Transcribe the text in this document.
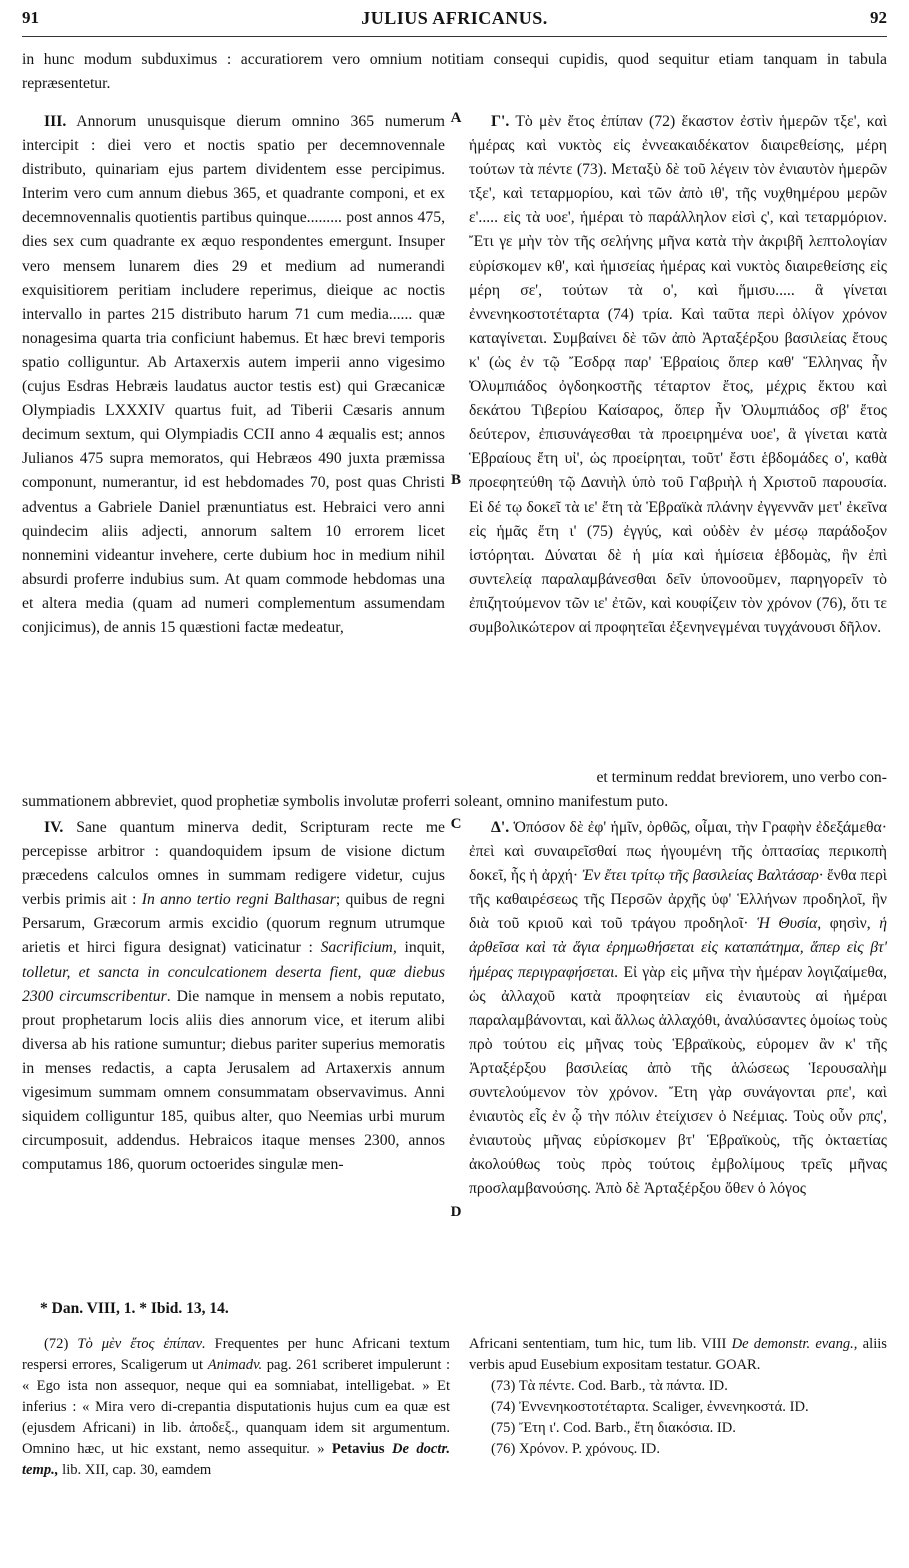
91	JULIUS AFRICANUS.	92

in hunc modum subduximus : accuratiorem vero omnium notitiam consequi cupidis, quod sequitur etiam tanquam in tabula repræsentetur.

III. Annorum unusquisque dierum omnino 365 numerum intercipit : diei vero et noctis spatio per decemnovennale distributo, quinariam ejus partem dividentem esse percipimus. Interim vero cum annum diebus 365, et quadrante componi, et ex decemnovennalis quotientis partibus quinque......... post annos 475, dies sex cum quadrante ex æquo respondentes emergunt. Insuper vero mensem lunarem dies 29 et medium ad numerandi exquisitiorem peritiam includere reperimus, dieique ac noctis intervallo in partes 215 distributo harum 71 cum media...... quæ nonagesima quarta tria conficiunt habemus. Et hæc brevi temporis spatio colliguntur. Ab Artaxerxis autem imperii anno vigesimo (cujus Esdras Hebræis laudatus auctor testis est) qui Græcanicæ Olympiadis LXXXIV quartus fuit, ad Tiberii Cæsaris annum decimum sextum, qui Olympiadis CCII anno 4 æqualis est; annos Julianos 475 supra memoratos, qui Hebræos 490 juxta præmissa componunt, numerantur, id est hebdomades 70, post quas Christi adventus a Gabriele Daniel prænuntiatus est. Hebraici vero anni quindecim aliis adjecti, annorum saltem 10 errorem licet nonnemini videantur invehere, certe dubium hoc in medium nihil absurdi proferre indubius sum. At quam commode hebdomas una et altera media (quam ad numeri complementum assumendam conjicimus), de annis 15 quæstioni factæ medeatur,

Γ'. Τὸ μὲν ἔτος ἐπίπαν (72) ἕκαστον ἐστὶν ἡμερῶν τξε', καὶ ἡμέρας καὶ νυκτὸς εἰς ἐννεακαιδέκατον διαιρεθείσης, μέρη τούτων τὰ πέντε (73). Μεταξὺ δὲ τοῦ λέγειν τὸν ἐνιαυτὸν ἡμερῶν τξε', καὶ τεταρμορίου, καὶ τῶν ἀπὸ ιθ', τῆς νυχθημέρου μερῶν ε'..... εἰς τὰ υοε', ἡμέραι τὸ παράλληλον εἰσὶ ς', καὶ τεταρμόριον. Ἔτι γε μὴν τὸν τῆς σελήνης μῆνα κατὰ τὴν ἀκριβῆ λεπτολογίαν εὑρίσκομεν κθ', καὶ ἡμισείας ἡμέρας καὶ νυκτὸς διαιρεθείσης εἰς μέρη σε', τούτων τὰ ο', καὶ ἥμισυ..... ἃ γίνεται ἐννενηκοστοτέταρτα (74) τρία. Καὶ ταῦτα περὶ ὀλίγον χρόνον καταγίνεται. Συμβαίνει δὲ τῶν ἀπὸ Ἀρταξέρξου βασιλείας ἔτους κ' (ὡς ἐν τῷ Ἔσδρᾳ παρ' Ἑβραίοις ὅπερ καθ' Ἕλληνας ἦν Ὀλυμπιάδος ὀγδοηκοστῆς τέταρτον ἔτος, μέχρις ἕκτου καὶ δεκάτου Τιβερίου Καίσαρος, ὅπερ ἦν Ὀλυμπιάδος σβ' ἔτος δεύτερον, ἐπισυνάγεσθαι τὰ προειρημένα υοε', ἃ γίνεται κατὰ Ἑβραίους ἔτη υἰ', ὡς προείρηται, τοῦτ' ἔστι ἑβδομάδες ο', καθὰ προεφητεύθη τῷ Δανιὴλ ὑπὸ τοῦ Γαβριὴλ ἡ Χριστοῦ παρουσία. Εἰ δέ τῳ δοκεῖ τὰ ιε' ἔτη τὰ Ἑβραϊκὰ πλάνην ἐγγεννᾶν μετ' ἐκεῖνα εἰς ἡμᾶς ἔτη ι' (75) ἐγγύς, καὶ οὐδὲν ἐν μέσῳ παράδοξον ἱστόρηται. Δύναται δὲ ἡ μία καὶ ἡμίσεια ἑβδομὰς, ἣν ἐπὶ συντελείᾳ παραλαμβάνεσθαι δεῖν ὑπονοοῦμεν, παρηγορεῖν τὸ ἐπιζητούμενον τῶν ιε' ἐτῶν, καὶ κουφίζειν τὸν χρόνον (76), ὅτι τε συμβολικώτερον αἱ προφητεῖαι ἐξενηνεγμέναι τυγχάνουσι δῆλον.

A
B

et terminum reddat breviorem, uno verbo con-

summationem abbreviet, quod prophetiæ symbolis involutæ proferri soleant, omnino manifestum puto.

IV. Sane quantum minerva dedit, Scripturam recte me percepisse arbitror : quandoquidem ipsum de visione dictum præcedens calculos omnes in summam redigere videtur, cujus verbis primis ait : In anno tertio regni Balthasar; quibus de regni Persarum, Græcorum armis excidio (quorum regnum utrumque arietis et hirci figura designat) vaticinatur : Sacrificium, inquit, tolletur, et sancta in conculcationem deserta fient, quæ diebus 2300 circumscribentur. Die namque in mensem a nobis reputato, prout prophetarum locis aliis dies annorum vice, et iterum alibi diversa ab his ratione sumuntur; diebus pariter superius memoratis in menses redactis, a capta Jerusalem ad Artaxerxis annum vigesimum summam omnem consummatam observavimus. Anni siquidem colliguntur 185, quibus alter, quo Neemias urbi murum circumposuit, addendus. Hebraicos itaque menses 2300, annos computamus 186, quorum octoerides singulæ men-

Δ'. Ὁπόσον δὲ ἐφ' ἡμῖν, ὀρθῶς, οἶμαι, τὴν Γραφὴν ἐδεξάμεθα· ἐπεὶ καὶ συναιρεῖσθαί πως ἡγουμένη τῆς ὀπτασίας περικοπὴ δοκεῖ, ἧς ἡ ἀρχή· Ἐν ἔτει τρίτῳ τῆς βασιλείας Βαλτάσαρ· ἔνθα περὶ τῆς καθαιρέσεως τῆς Περσῶν ἀρχῆς ὑφ' Ἑλλήνων προδηλοῖ, ἣν διὰ τοῦ κριοῦ καὶ τοῦ τράγου προδηλοῖ· Ἡ Θυσία, φησὶν, ἡ ἀρθεῖσα καὶ τὰ ἅγια ἐρημωθήσεται εἰς καταπάτημα, ἅπερ εἰς βτ' ἡμέρας περιγραφήσεται. Εἰ γὰρ εἰς μῆνα τὴν ἡμέραν λογιζαίμεθα, ὡς ἀλλαχοῦ κατὰ προφητείαν εἰς ἐνιαυτοὺς αἱ ἡμέραι παραλαμβάνονται, καὶ ἄλλως ἀλλαχόθι, ἀναλύσαντες ὁμοίως τοὺς πρὸ τούτου εἰς μῆνας τοὺς Ἑβραϊκοὺς, εὑρομεν ἂν κ' τῆς Ἀρταξέρξου βασιλείας ἀπὸ τῆς ἁλώσεως Ἱερουσαλὴμ συντελούμενον τὸν χρόνον. Ἔτη γὰρ συνάγονται ρπε', καὶ ἐνιαυτὸς εἷς ἐν ᾧ τὴν πόλιν ἐτείχισεν ὁ Νεέμιας. Τοὺς οὖν ρπς', ἐνιαυτοὺς μῆνας εὑρίσκομεν βτ' Ἑβραϊκοὺς, τῆς ὀκταετίας ἀκολούθως τοὺς πρὸς τούτοις ἐμβολίμους τρεῖς μῆνας προσλαμβανούσης. Ἀπὸ δὲ Ἀρταξέρξου ὅθεν ὁ λόγος

C
D
* Dan. VIII, 1. * Ibid. 13, 14.

(72) Τὸ μὲν ἔτος ἐπίπαν. Frequentes per hunc Africani textum respersi errores, Scaligerum ut Animadv. pag. 261 scriberet impulerunt : « Ego ista non assequor, neque qui ea somniabat, intelligebat. » Et inferius : « Mira vero di-crepantia disputationis hujus cum ea quæ est (ejusdem Africani) in lib. ἀποδεξ., quanquam idem sit argumentum. Omnino hæc, ut hic exstant, nemo assequitur. » Petavius De doctr. temp., lib. XII, cap. 30, eamdem

Africani sententiam, tum hic, tum lib. VIII De demonstr. evang., aliis verbis apud Eusebium expositam testatur. GOAR.

(73) Τὰ πέντε. Cod. Barb., τὰ πάντα. ID.

(74) Ἐννενηκοστοτέταρτα. Scaliger, ἐννενηκοστά. ID.

(75) Ἔτη ι'. Cod. Barb., ἔτη διακόσια. ID.

(76) Χρόνον. P. χρόνους. ID.
